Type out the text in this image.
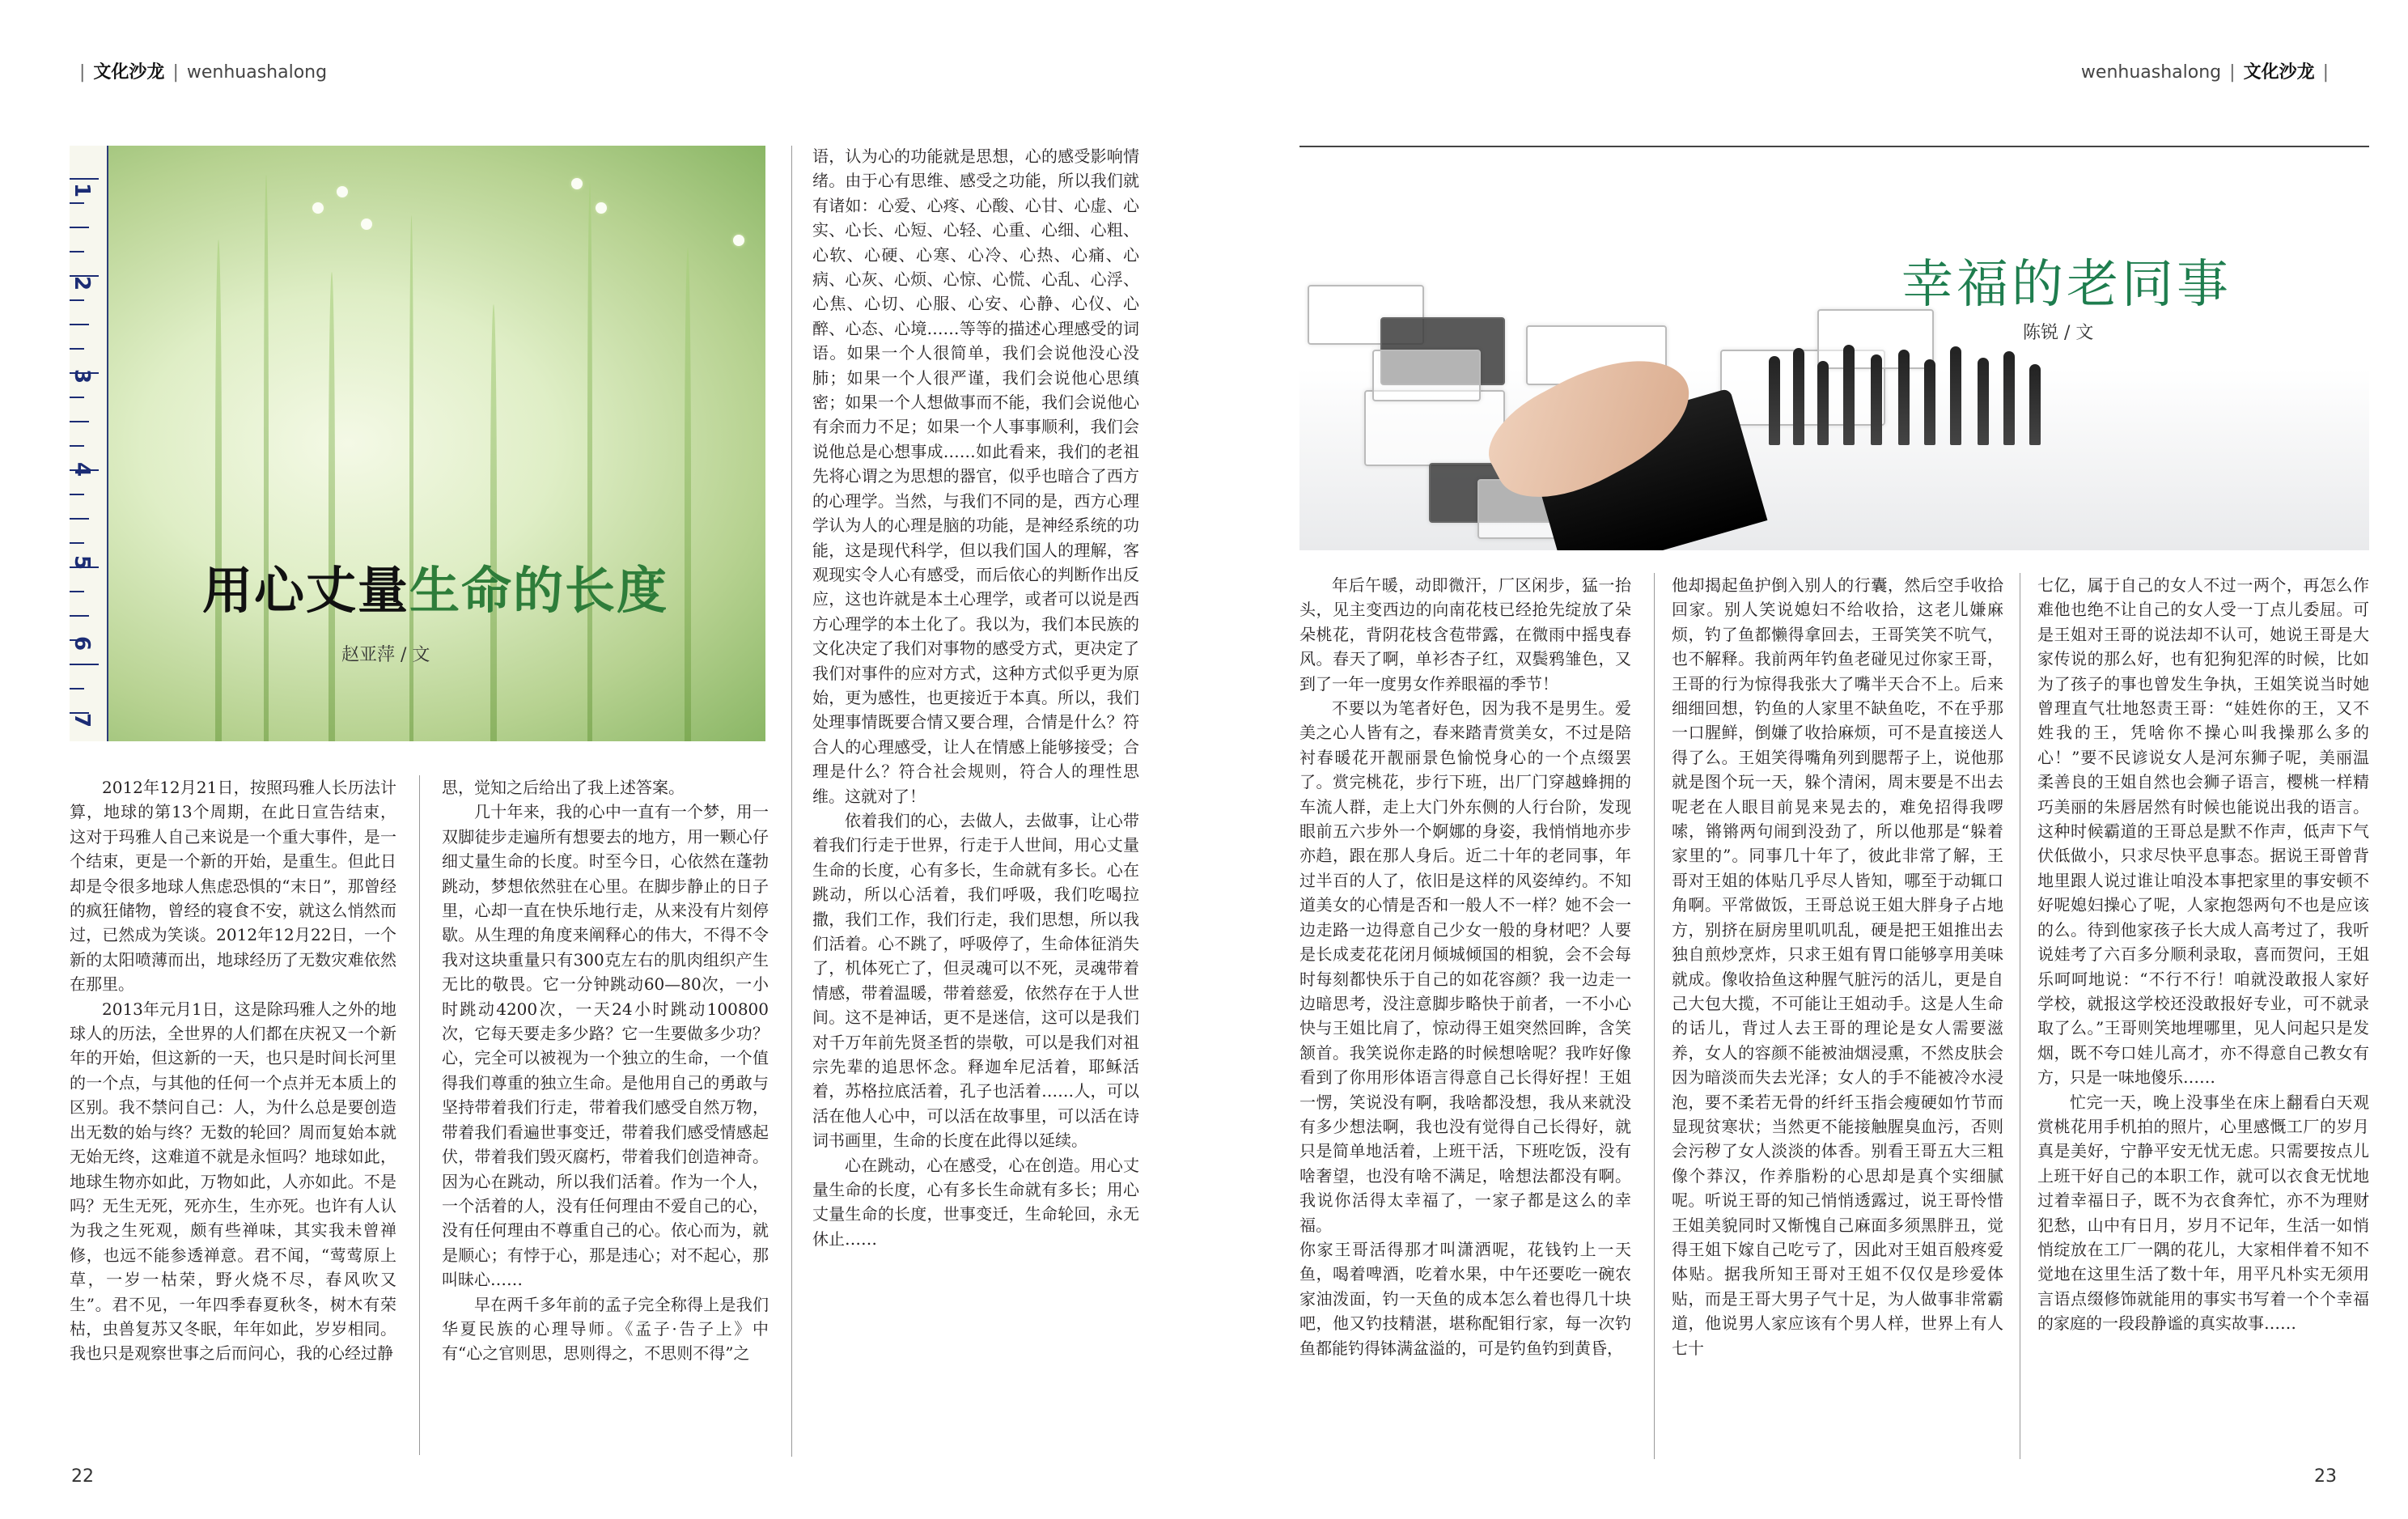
| 文化沙龙 | wenhuashalong
1
2
3
4
5
6
7
用心丈量生命的长度
赵亚萍 / 文

2012年12月21日，按照玛雅人长历法计算，地球的第13个周期，在此日宣告结束，这对于玛雅人自己来说是一个重大事件，是一个结束，更是一个新的开始，是重生。但此日却是令很多地球人焦虑恐惧的“末日”，那曾经的疯狂储物，曾经的寝食不安，就这么悄然而过，已然成为笑谈。2012年12月22日，一个新的太阳喷薄而出，地球经历了无数灾难依然在那里。

2013年元月1日，这是除玛雅人之外的地球人的历法，全世界的人们都在庆祝又一个新年的开始，但这新的一天，也只是时间长河里的一个点，与其他的任何一个点并无本质上的区别。我不禁问自己：人，为什么总是要创造出无数的始与终？无数的轮回？周而复始本就无始无终，这难道不就是永恒吗？地球如此，地球生物亦如此，万物如此，人亦如此。不是吗？无生无死，死亦生，生亦死。也许有人认为我之生死观，颇有些禅味，其实我未曾禅修，也远不能参透禅意。君不闻，“莺莺原上草，一岁一枯荣，野火烧不尽，春风吹又生”。君不见，一年四季春夏秋冬，树木有荣枯，虫兽复苏又冬眠，年年如此，岁岁相同。我也只是观察世事之后而问心，我的心经过静

思，觉知之后给出了我上述答案。

几十年来，我的心中一直有一个梦，用一双脚徒步走遍所有想要去的地方，用一颗心仔细丈量生命的长度。时至今日，心依然在蓬勃跳动，梦想依然驻在心里。在脚步静止的日子里，心却一直在快乐地行走，从来没有片刻停歇。从生理的角度来阐释心的伟大，不得不令我对这块重量只有300克左右的肌肉组织产生无比的敬畏。它一分钟跳动60—80次，一小时跳动4200次，一天24小时跳动100800次，它每天要走多少路？它一生要做多少功？心，完全可以被视为一个独立的生命，一个值得我们尊重的独立生命。是他用自己的勇敢与坚持带着我们行走，带着我们感受自然万物，带着我们看遍世事变迁，带着我们感受情感起伏，带着我们毁灭腐朽，带着我们创造神奇。因为心在跳动，所以我们活着。作为一个人，一个活着的人，没有任何理由不爱自己的心，没有任何理由不尊重自己的心。依心而为，就是顺心；有悖于心，那是违心；对不起心，那叫昧心……

早在两千多年前的孟子完全称得上是我们华夏民族的心理导师。《孟子·告子上》中有“心之官则思，思则得之，不思则不得”之

语，认为心的功能就是思想，心的感受影响情绪。由于心有思维、感受之功能，所以我们就有诸如：心爱、心疼、心酸、心甘、心虚、心实、心长、心短、心轻、心重、心细、心粗、心软、心硬、心寒、心冷、心热、心痛、心病、心灰、心烦、心惊、心慌、心乱、心浮、心焦、心切、心服、心安、心静、心仪、心醉、心态、心境……等等的描述心理感受的词语。如果一个人很简单，我们会说他没心没肺；如果一个人很严谨，我们会说他心思缜密；如果一个人想做事而不能，我们会说他心有余而力不足；如果一个人事事顺利，我们会说他总是心想事成……如此看来，我们的老祖先将心谓之为思想的器官，似乎也暗合了西方的心理学。当然，与我们不同的是，西方心理学认为人的心理是脑的功能，是神经系统的功能，这是现代科学，但以我们国人的理解，客观现实令人心有感受，而后依心的判断作出反应，这也许就是本土心理学，或者可以说是西方心理学的本土化了。我以为，我们本民族的文化决定了我们对事物的感受方式，更决定了我们对事件的应对方式，这种方式似乎更为原始，更为感性，也更接近于本真。所以，我们处理事情既要合情又要合理，合情是什么？符合人的心理感受，让人在情感上能够接受；合理是什么？符合社会规则，符合人的理性思维。这就对了！

依着我们的心，去做人，去做事，让心带着我们行走于世界，行走于人世间，用心丈量生命的长度，心有多长，生命就有多长。心在跳动，所以心活着，我们呼吸，我们吃喝拉撒，我们工作，我们行走，我们思想，所以我们活着。心不跳了，呼吸停了，生命体征消失了，机体死亡了，但灵魂可以不死，灵魂带着情感，带着温暖，带着慈爱，依然存在于人世间。这不是神话，更不是迷信，这可以是我们对千万年前先贤圣哲的崇敬，可以是我们对祖宗先辈的追思怀念。释迦牟尼活着，耶稣活着，苏格拉底活着，孔子也活着……人，可以活在他人心中，可以活在故事里，可以活在诗词书画里，生命的长度在此得以延续。

心在跳动，心在感受，心在创造。用心丈量生命的长度，心有多长生命就有多长；用心丈量生命的长度，世事变迁，生命轮回，永无休止……

22
wenhuashalong | 文化沙龙 |
幸福的老同事
陈锐 / 文

年后午暖，动即微汗，厂区闲步，猛一抬头，见主变西边的向南花枝已经抢先绽放了朵朵桃花，背阴花枝含苞带露，在微雨中摇曳春风。春天了啊，单衫杏子红，双鬓鸦雏色，又到了一年一度男女作养眼福的季节！

不要以为笔者好色，因为我不是男生。爱美之心人皆有之，春来踏青赏美女，不过是陪衬春暖花开靓丽景色愉悦身心的一个点缀罢了。赏完桃花，步行下班，出厂门穿越蜂拥的车流人群，走上大门外东侧的人行台阶，发现眼前五六步外一个婀娜的身姿，我悄悄地亦步亦趋，跟在那人身后。近二十年的老同事，年过半百的人了，依旧是这样的风姿绰约。不知道美女的心情是否和一般人不一样？她不会一边走路一边得意自己少女一般的身材吧？人要是长成麦花花闭月倾城倾国的相貌，会不会每时每刻都快乐于自己的如花容颜？我一边走一边暗思考，没注意脚步略快于前者，一不小心快与王姐比肩了，惊动得王姐突然回眸，含笑颔首。我笑说你走路的时候想啥呢？我咋好像看到了你用形体语言得意自己长得好捏！王姐一愣，笑说没有啊，我啥都没想，我从来就没有多少想法啊，我也没有觉得自己长得好，就只是简单地活着，上班干活，下班吃饭，没有啥奢望，也没有啥不满足，啥想法都没有啊。我说你活得太幸福了，一家子都是这么的幸福。

你家王哥活得那才叫潇洒呢，花钱钓上一天鱼，喝着啤酒，吃着水果，中午还要吃一碗农家油泼面，钓一天鱼的成本怎么着也得几十块吧，他又钓技精湛，堪称配钼行家，每一次钓鱼都能钓得钵满盆溢的，可是钓鱼钓到黄昏，

他却揭起鱼护倒入别人的行囊，然后空手收拾回家。别人笑说媳妇不给收拾，这老儿嫌麻烦，钓了鱼都懒得拿回去，王哥笑笑不吭气，也不解释。我前两年钓鱼老碰见过你家王哥，王哥的行为惊得我张大了嘴半天合不上。后来细细回想，钓鱼的人家里不缺鱼吃，不在乎那一口腥鲜，倒嫌了收拾麻烦，可不是直接送人得了么。王姐笑得嘴角列到腮帮子上，说他那就是图个玩一天，躲个清闲，周末要是不出去呢老在人眼目前晃来晃去的，难免招得我啰嗦，锵锵两句闹到没劲了，所以他那是“躲着家里的”。同事几十年了，彼此非常了解，王哥对王姐的体贴几乎尽人皆知，哪至于动辄口角啊。平常做饭，王哥总说王姐大胖身子占地方，别挤在厨房里叽叽乱，硬是把王姐推出去独自煎炒烹炸，只求王姐有胃口能够享用美味就成。像收拾鱼这种腥气脏污的活儿，更是自己大包大揽，不可能让王姐动手。这是人生命的话儿，背过人去王哥的理论是女人需要滋养，女人的容颜不能被油烟浸熏，不然皮肤会因为暗淡而失去光泽；女人的手不能被冷水浸泡，要不柔若无骨的纤纤玉指会瘦硬如竹节而显现贫寒状；当然更不能接触腥臭血污，否则会污秽了女人淡淡的体香。别看王哥五大三粗像个莽汉，作养脂粉的心思却是真个实细腻呢。听说王哥的知己悄悄透露过，说王哥怜惜王姐美貌同时又惭愧自己麻面多须黑胖丑，觉得王姐下嫁自己吃亏了，因此对王姐百般疼爱体贴。据我所知王哥对王姐不仅仅是珍爱体贴，而是王哥大男子气十足，为人做事非常霸道，他说男人家应该有个男人样，世界上有人七十

七亿，属于自己的女人不过一两个，再怎么作难他也绝不让自己的女人受一丁点儿委屈。可是王姐对王哥的说法却不认可，她说王哥是大家传说的那么好，也有犯狗犯浑的时候，比如为了孩子的事也曾发生争执，王姐笑说当时她曾理直气壮地怒责王哥：“娃姓你的王，又不姓我的王，凭啥你不操心叫我操那么多的心！”要不民谚说女人是河东狮子呢，美丽温柔善良的王姐自然也会狮子语言，樱桃一样精巧美丽的朱唇居然有时候也能说出我的语言。这种时候霸道的王哥总是默不作声，低声下气伏低做小，只求尽快平息事态。据说王哥曾背地里跟人说过谁让咱没本事把家里的事安顿不好呢媳妇操心了呢，人家抱怨两句不也是应该的么。待到他家孩子长大成人高考过了，我听说娃考了六百多分顺利录取，喜而贺问，王姐乐呵呵地说：“不行不行！咱就没敢报人家好学校，就报这学校还没敢报好专业，可不就录取了么。”王哥则笑地埋哪里，见人问起只是发烟，既不夸口娃儿高才，亦不得意自己教女有方，只是一味地傻乐……

忙完一天，晚上没事坐在床上翻看白天观赏桃花用手机拍的照片，心里感慨工厂的岁月真是美好，宁静平安无忧无虑。只需要按点儿上班干好自己的本职工作，就可以衣食无忧地过着幸福日子，既不为衣食奔忙，亦不为理财犯愁，山中有日月，岁月不记年，生活一如悄悄绽放在工厂一隅的花儿，大家相伴着不知不觉地在这里生活了数十年，用平凡朴实无须用言语点缀修饰就能用的事实书写着一个个幸福的家庭的一段段静谧的真实故事……

23
